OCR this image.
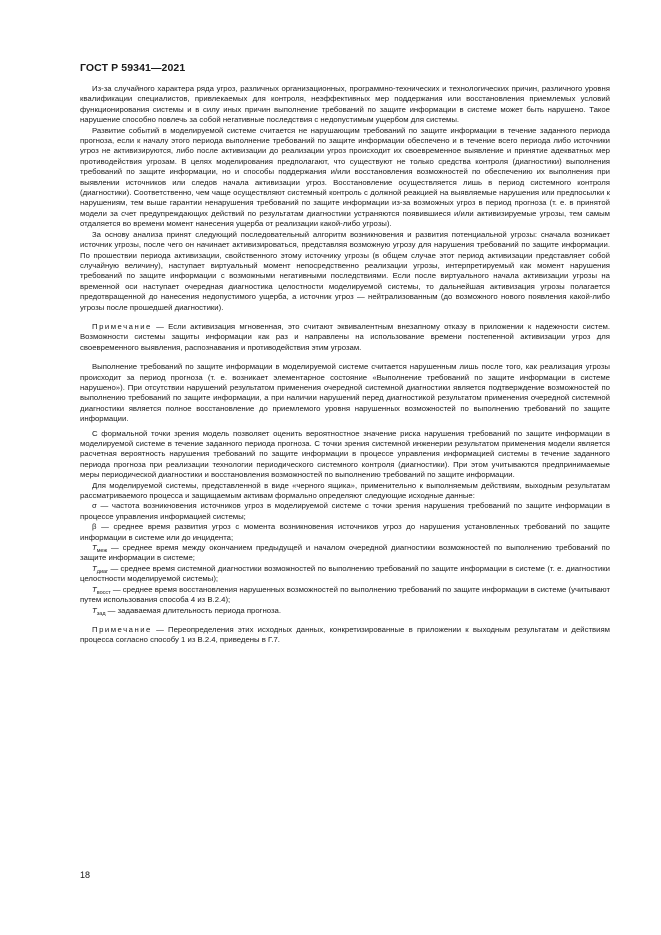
ГОСТ Р 59341—2021

Из-за случайного характера ряда угроз, различных организационных, программно-технических и технологических причин, различного уровня квалификации специалистов, привлекаемых для контроля, неэффективных мер поддержания или восстановления приемлемых условий функционирования системы и в силу иных причин выполнение требований по защите информации в системе может быть нарушено. Такое нарушение способно повлечь за собой негативные последствия с недопустимым ущербом для системы.

Развитие событий в моделируемой системе считается не нарушающим требований по защите информации в течение заданного периода прогноза, если к началу этого периода выполнение требований по защите информации обеспечено и в течение всего периода либо источники угроз не активизируются, либо после активизации до реализации угроз происходит их своевременное выявление и принятие адекватных мер противодействия угрозам. В целях моделирования предполагают, что существуют не только средства контроля (диагностики) выполнения требований по защите информации, но и способы поддержания и/или восстановления возможностей по обеспечению их выполнения при выявлении источников или следов начала активизации угроз. Восстановление осуществляется лишь в период системного контроля (диагностики). Соответственно, чем чаще осуществляют системный контроль с должной реакцией на выявляемые нарушения или предпосылки к нарушениям, тем выше гарантии ненарушения требований по защите информации из-за возможных угроз в период прогноза (т. е. в принятой модели за счет предупреждающих действий по результатам диагностики устраняются появившиеся и/или активизируемые угрозы, тем самым отдаляется во времени момент нанесения ущерба от реализации какой-либо угрозы).

За основу анализа принят следующий последовательный алгоритм возникновения и развития потенциальной угрозы: сначала возникает источник угрозы, после чего он начинает активизироваться, представляя возможную угрозу для нарушения требований по защите информации. По прошествии периода активизации, свойственного этому источнику угрозы (в общем случае этот период активизации представляет собой случайную величину), наступает виртуальный момент непосредственно реализации угрозы, интерпретируемый как момент нарушения требований по защите информации с возможными негативными последствиями. Если после виртуального начала активизации угрозы на временной оси наступает очередная диагностика целостности моделируемой системы, то дальнейшая активизация угрозы полагается предотвращенной до нанесения недопустимого ущерба, а источник угроз — нейтрализованным (до возможного нового появления какой-либо угрозы после прошедшей диагностики).

Примечание — Если активизация мгновенная, это считают эквивалентным внезапному отказу в приложении к надежности систем. Возможности системы защиты информации как раз и направлены на использование времени постепенной активизации угроз для своевременного выявления, распознавания и противодействия этим угрозам.

Выполнение требований по защите информации в моделируемой системе считается нарушенным лишь после того, как реализация угрозы происходит за период прогноза (т. е. возникает элементарное состояние «Выполнение требований по защите информации в системе нарушено»). При отсутствии нарушений результатом применения очередной системной диагностики является подтверждение возможностей по выполнению требований по защите информации, а при наличии нарушений перед диагностикой результатом применения очередной системной диагностики является полное восстановление до приемлемого уровня нарушенных возможностей по выполнению требований по защите информации.

С формальной точки зрения модель позволяет оценить вероятностное значение риска нарушения требований по защите информации в моделируемой системе в течение заданного периода прогноза. С точки зрения системной инженерии результатом применения модели является расчетная вероятность нарушения требований по защите информации в процессе управления информацией системы в течение заданного периода прогноза при реализации технологии периодического системного контроля (диагностики). При этом учитываются предпринимаемые меры периодической диагностики и восстановления возможностей по выполнению требований по защите информации.

Для моделируемой системы, представленной в виде «черного ящика», применительно к выполняемым действиям, выходным результатам рассматриваемого процесса и защищаемым активам формально определяют следующие исходные данные:

σ — частота возникновения источников угроз в моделируемой системе с точки зрения нарушения требований по защите информации в процессе управления информацией системы;

β — среднее время развития угроз с момента возникновения источников угроз до нарушения установленных требований по защите информации в системе или до инцидента;

$T_{меж}$ — среднее время между окончанием предыдущей и началом очередной диагностики возможностей по выполнению требований по защите информации в системе;

$T_{диаг}$ — среднее время системной диагностики возможностей по выполнению требований по защите информации в системе (т. е. диагностики целостности моделируемой системы);

$T_{восст}$ — среднее время восстановления нарушенных возможностей по выполнению требований по защите информации в системе (учитывают путем использования способа 4 из В.2.4);

$T_{зад}$ — задаваемая длительность периода прогноза.

Примечание — Переопределения этих исходных данных, конкретизированные в приложении к выходным результатам и действиям процесса согласно способу 1 из В.2.4, приведены в Г.7.

18
